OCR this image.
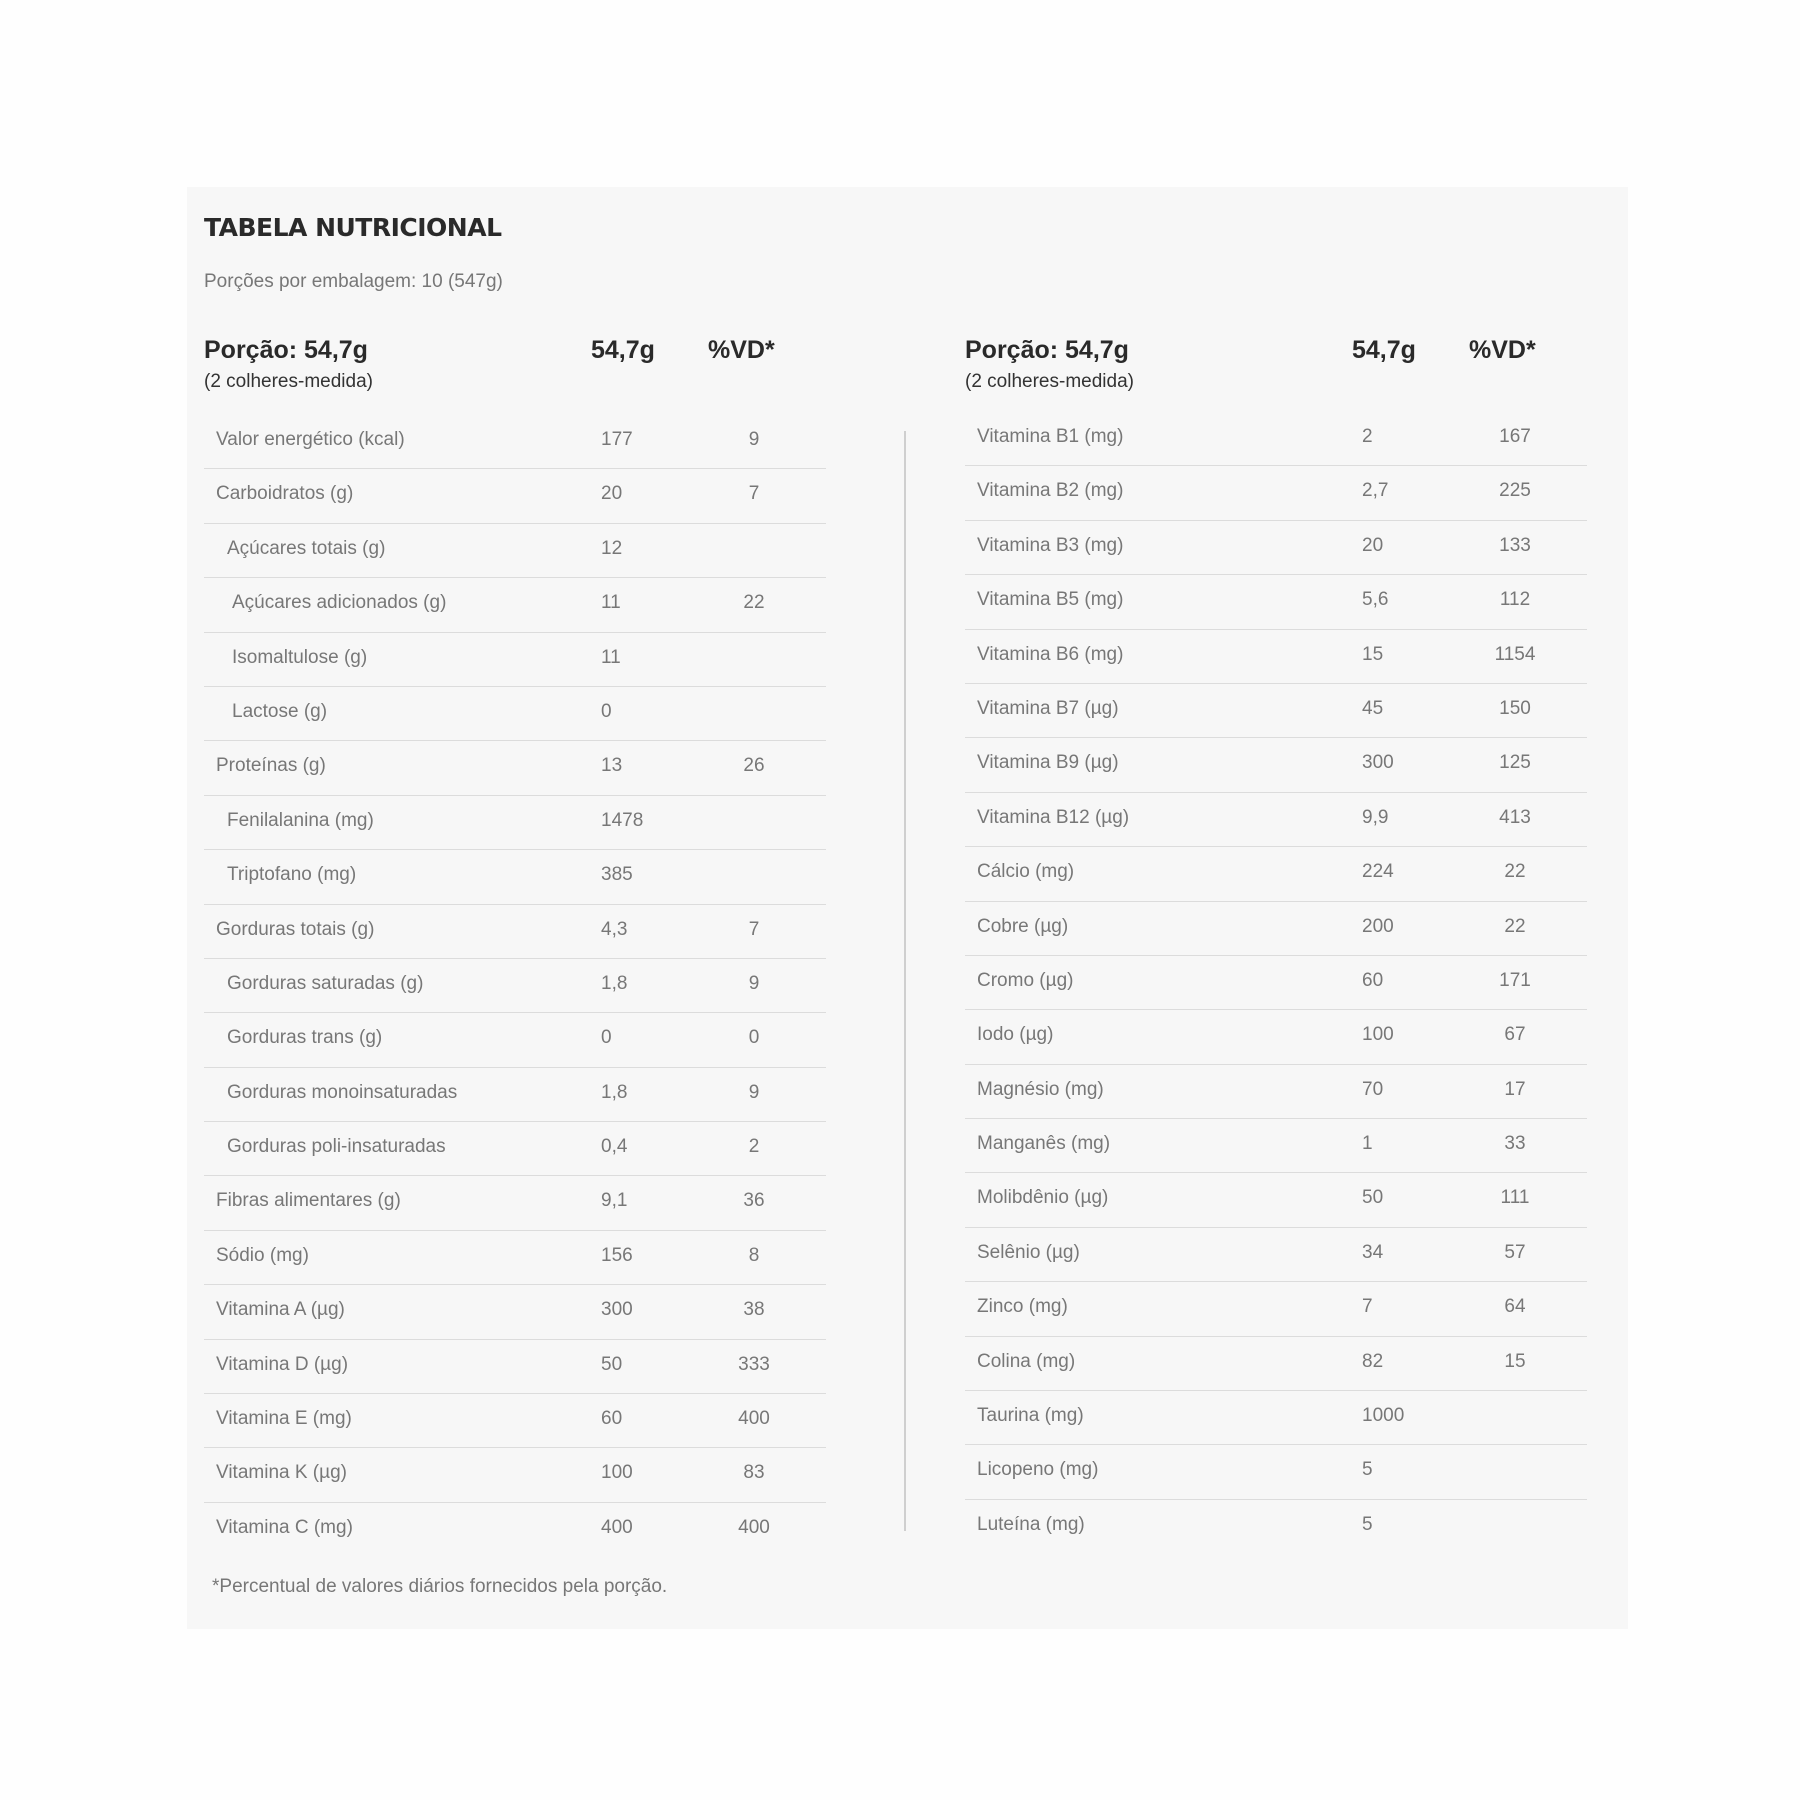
TABELA NUTRICIONAL
Porções por embalagem: 10 (547g)
Porção: 54,7g
(2 colheres-medida)
54,7g %VD*
Valor energético (kcal)	177	9
Carboidratos (g)	20	7
Açúcares totais (g)	12
Açúcares adicionados (g)	11	22
Isomaltulose (g)	11
Lactose (g)	0
Proteínas (g)	13	26
Fenilalanina (mg)	1478
Triptofano (mg)	385
Gorduras totais (g)	4,3	7
Gorduras saturadas (g)	1,8	9
Gorduras trans (g)	0	0
Gorduras monoinsaturadas	1,8	9
Gorduras poli-insaturadas	0,4	2
Fibras alimentares (g)	9,1	36
Sódio (mg)	156	8
Vitamina A (µg)	300	38
Vitamina D (µg)	50	333
Vitamina E (mg)	60	400
Vitamina K (µg)	100	83
Vitamina C (mg)	400	400
Porção: 54,7g
(2 colheres-medida)
54,7g %VD*
Vitamina B1 (mg)	2	167
Vitamina B2 (mg)	2,7	225
Vitamina B3 (mg)	20	133
Vitamina B5 (mg)	5,6	112
Vitamina B6 (mg)	15	1154
Vitamina B7 (µg)	45	150
Vitamina B9 (µg)	300	125
Vitamina B12 (µg)	9,9	413
Cálcio (mg)	224	22
Cobre (µg)	200	22
Cromo (µg)	60	171
Iodo (µg)	100	67
Magnésio (mg)	70	17
Manganês (mg)	1	33
Molibdênio (µg)	50	111
Selênio (µg)	34	57
Zinco (mg)	7	64
Colina (mg)	82	15
Taurina (mg)	1000
Licopeno (mg)	5
Luteína (mg)	5
*Percentual de valores diários fornecidos pela porção.
